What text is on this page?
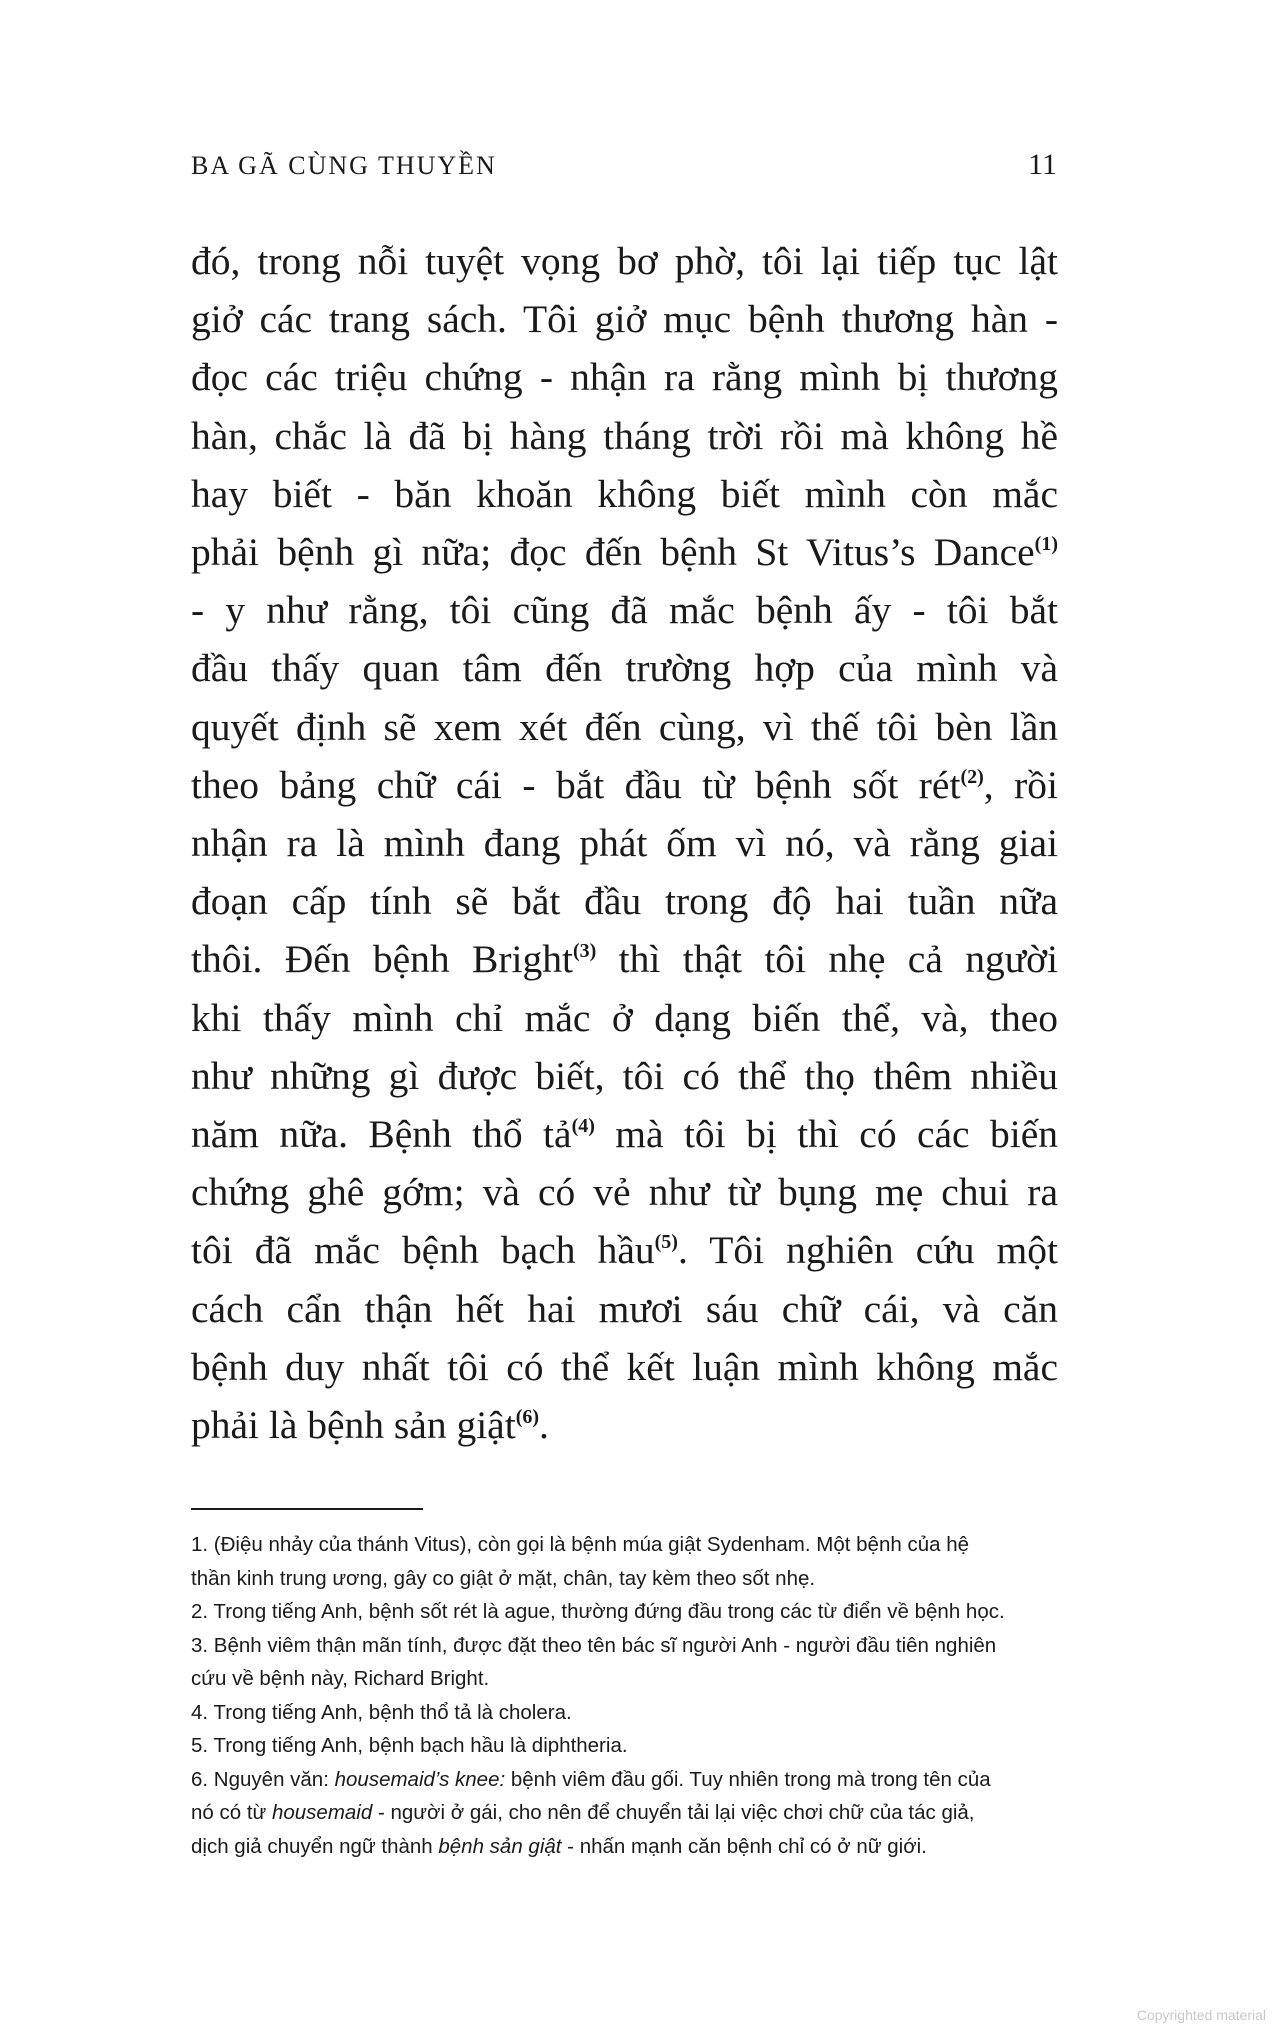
BA GÃ CÙNG THUYỀN	11
đó, trong nỗi tuyệt vọng bơ phờ, tôi lại tiếp tục lật
giở các trang sách. Tôi giở mục bệnh thương hàn -
đọc các triệu chứng - nhận ra rằng mình bị thương
hàn, chắc là đã bị hàng tháng trời rồi mà không hề
hay biết - băn khoăn không biết mình còn mắc
phải bệnh gì nữa; đọc đến bệnh St Vitus’s Dance$^{(1)}$
- y như rằng, tôi cũng đã mắc bệnh ấy - tôi bắt
đầu thấy quan tâm đến trường hợp của mình và
quyết định sẽ xem xét đến cùng, vì thế tôi bèn lần
theo bảng chữ cái - bắt đầu từ bệnh sốt rét$^{(2)}$, rồi
nhận ra là mình đang phát ốm vì nó, và rằng giai
đoạn cấp tính sẽ bắt đầu trong độ hai tuần nữa
thôi. Đến bệnh Bright$^{(3)}$ thì thật tôi nhẹ cả người
khi thấy mình chỉ mắc ở dạng biến thể, và, theo
như những gì được biết, tôi có thể thọ thêm nhiều
năm nữa. Bệnh thổ tả$^{(4)}$ mà tôi bị thì có các biến
chứng ghê gớm; và có vẻ như từ bụng mẹ chui ra
tôi đã mắc bệnh bạch hầu$^{(5)}$. Tôi nghiên cứu một
cách cẩn thận hết hai mươi sáu chữ cái, và căn
bệnh duy nhất tôi có thể kết luận mình không mắc
phải là bệnh sản giật$^{(6)}$.
1. (Điệu nhảy của thánh Vitus), còn gọi là bệnh múa giật Sydenham. Một bệnh của hệ
thần kinh trung ương, gây co giật ở mặt, chân, tay kèm theo sốt nhẹ.
2. Trong tiếng Anh, bệnh sốt rét là ague, thường đứng đầu trong các từ điển về bệnh học.
3. Bệnh viêm thận mãn tính, được đặt theo tên bác sĩ người Anh - người đầu tiên nghiên
cứu về bệnh này, Richard Bright.
4. Trong tiếng Anh, bệnh thổ tả là cholera.
5. Trong tiếng Anh, bệnh bạch hầu là diphtheria.
6. Nguyên văn: housemaid’s knee: bệnh viêm đầu gối. Tuy nhiên trong mà trong tên của
nó có từ housemaid - người ở gái, cho nên để chuyển tải lại việc chơi chữ của tác giả,
dịch giả chuyển ngữ thành bệnh sản giật - nhấn mạnh căn bệnh chỉ có ở nữ giới.
Copyrighted material
